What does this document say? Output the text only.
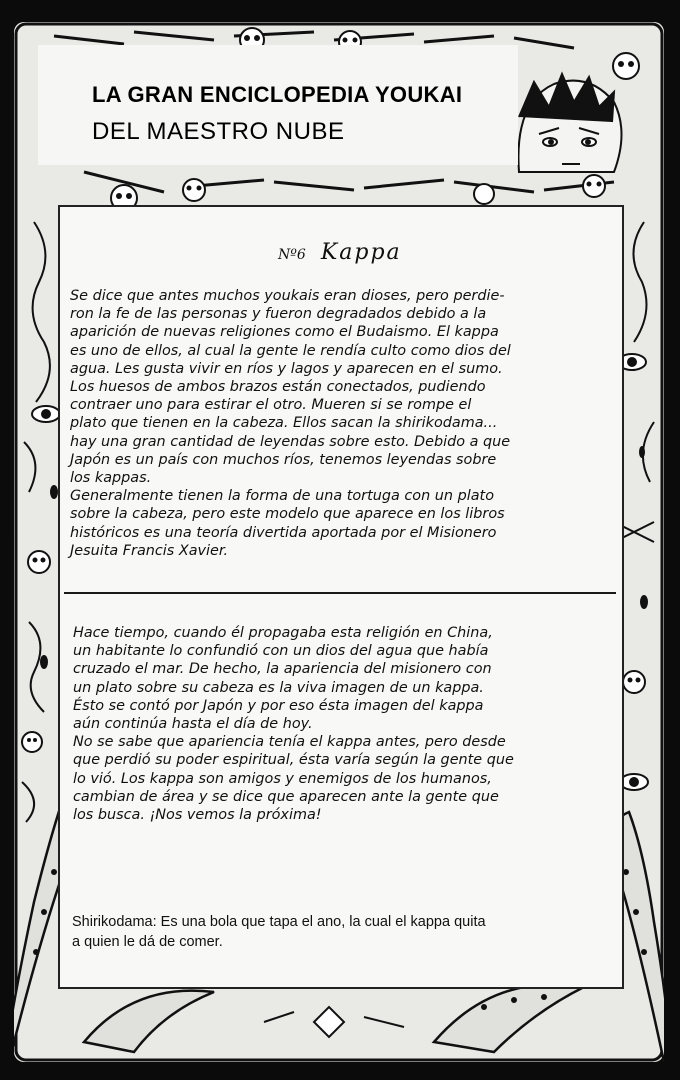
LA GRAN ENCICLOPEDIA YOUKAI
DEL MAESTRO NUBE
Nº6 Kappa
Se dice que antes muchos youkais eran dioses, pero perdie-
ron la fe de las personas y fueron degradados debido a la
aparición de nuevas religiones como el Budaismo. El kappa
es uno de ellos, al cual la gente le rendía culto como dios del
agua. Les gusta vivir en ríos y lagos y aparecen en el sumo.
Los huesos de ambos brazos están conectados, pudiendo
contraer uno para estirar el otro. Mueren si se rompe el
plato que tienen en la cabeza. Ellos sacan la shirikodama...
hay una gran cantidad de leyendas sobre esto. Debido a que
Japón es un país con muchos ríos, tenemos leyendas sobre
los kappas.
Generalmente tienen la forma de una tortuga con un plato
sobre la cabeza, pero este modelo que aparece en los libros
históricos es una teoría divertida aportada por el Misionero
Jesuita Francis Xavier.
Hace tiempo, cuando él propagaba esta religión en China,
un habitante lo confundió con un dios del agua que había
cruzado el mar. De hecho, la apariencia del misionero con
un plato sobre su cabeza es la viva imagen de un kappa.
Ésto se contó por Japón y por eso ésta imagen del kappa
aún continúa hasta el día de hoy.
No se sabe que apariencia tenía el kappa antes, pero desde
que perdió su poder espiritual, ésta varía según la gente que
lo vió. Los kappa son amigos y enemigos de los humanos,
cambian de área y se dice que aparecen ante la gente que
los busca. ¡Nos vemos la próxima!
Shirikodama: Es una bola que tapa el ano, la cual el kappa quita
a quien le dá de comer.
